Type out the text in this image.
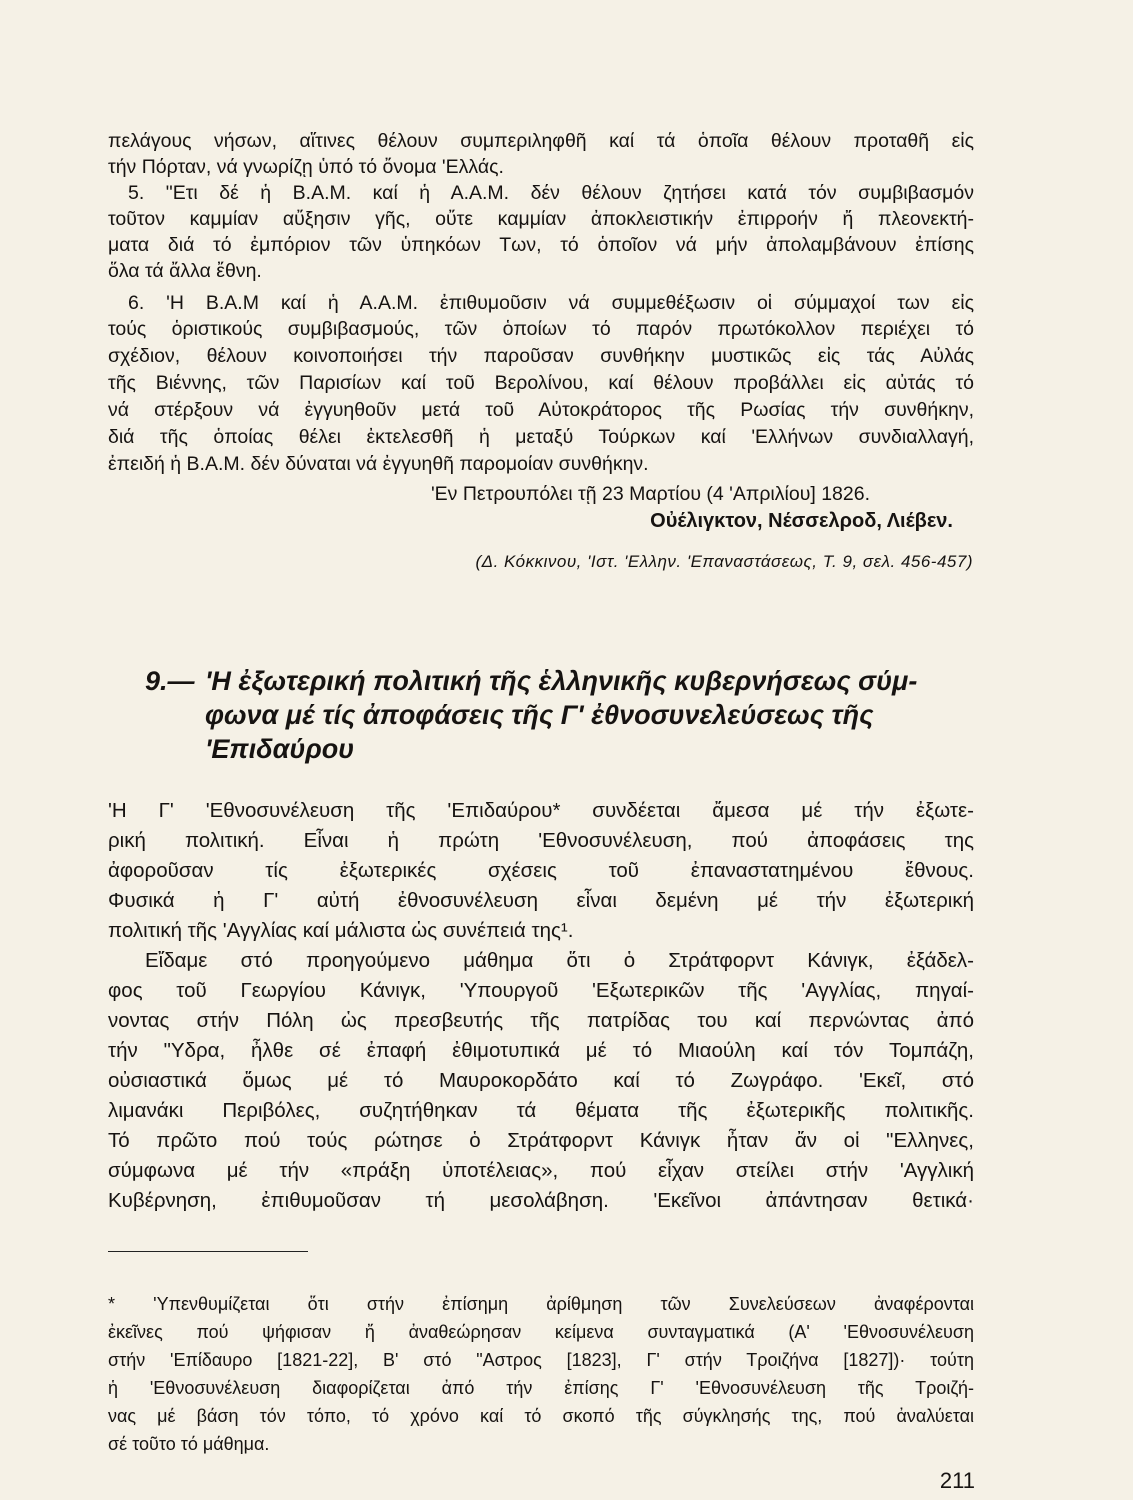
πελάγους νήσων, αἵτινες θέλουν συμπεριληφθῆ καί τά ὁποῖα θέλουν προταθῆ εἰς
τήν Πόρταν, νά γνωρίζῃ ὑπό τό ὄνομα 'Ελλάς.
5. "Ετι δέ ἡ Β.Α.Μ. καί ἡ Α.Α.Μ. δέν θέλουν ζητήσει κατά τόν συμβιβασμόν
τοῦτον καμμίαν αὔξησιν γῆς, οὔτε καμμίαν ἀποκλειστικήν ἐπιρροήν ἤ πλεονεκτή-
ματα διά τό ἐμπόριον τῶν ὑπηκόων Των, τό ὁποῖον νά μήν ἀπολαμβάνουν ἐπίσης
ὅλα τά ἄλλα ἔθνη.
6. 'Η Β.Α.Μ καί ἡ Α.Α.Μ. ἐπιθυμοῦσιν νά συμμεθέξωσιν οἱ σύμμαχοί των εἰς
τούς ὁριστικούς συμβιβασμούς, τῶν ὁποίων τό παρόν πρωτόκολλον περιέχει τό
σχέδιον, θέλουν κοινοποιήσει τήν παροῦσαν συνθήκην μυστικῶς εἰς τάς Αὐλάς
τῆς Βιέννης, τῶν Παρισίων καί τοῦ Βερολίνου, καί θέλουν προβάλλει εἰς αὐτάς τό
νά στέρξουν νά ἐγγυηθοῦν μετά τοῦ Αὐτοκράτορος τῆς Ρωσίας τήν συνθήκην,
διά τῆς ὁποίας θέλει ἐκτελεσθῆ ἡ μεταξύ Τούρκων καί 'Ελλήνων συνδιαλλαγή,
ἐπειδή ἡ Β.Α.Μ. δέν δύναται νά ἐγγυηθῆ παρομοίαν συνθήκην.
'Εν Πετρουπόλει τῇ 23 Μαρτίου (4 'Απριλίου] 1826.
Οὐέλιγκτον, Νέσσελροδ, Λιέβεν.
(Δ. Κόκκινου, 'Ιστ. 'Ελλην. 'Επαναστάσεως, Τ. 9, σελ. 456-457)
9.— 'Η ἐξωτερική πολιτική τῆς ἑλληνικῆς κυβερνήσεως σύμ-
φωνα μέ τίς ἀποφάσεις τῆς Γ' ἐθνοσυνελεύσεως τῆς
'Επιδαύρου
'Η Γ' 'Εθνοσυνέλευση τῆς 'Επιδαύρου* συνδέεται ἄμεσα μέ τήν ἐξωτε-
ρική πολιτική. Εἶναι ἡ πρώτη 'Εθνοσυνέλευση, πού ἀποφάσεις της
ἀφοροῦσαν τίς ἐξωτερικές σχέσεις τοῦ ἐπαναστατημένου ἔθνους.
Φυσικά ἡ Γ' αὐτή ἐθνοσυνέλευση εἶναι δεμένη μέ τήν ἐξωτερική
πολιτική τῆς 'Αγγλίας καί μάλιστα ὡς συνέπειά της¹.
Εἴδαμε στό προηγούμενο μάθημα ὅτι ὁ Στράτφορντ Κάνιγκ, ἐξάδελ-
φος τοῦ Γεωργίου Κάνιγκ, 'Υπουργοῦ 'Εξωτερικῶν τῆς 'Αγγλίας, πηγαί-
νοντας στήν Πόλη ὡς πρεσβευτής τῆς πατρίδας του καί περνώντας ἀπό
τήν "Υδρα, ἦλθε σέ ἐπαφή ἐθιμοτυπικά μέ τό Μιαούλη καί τόν Τομπάζη,
οὐσιαστικά ὅμως μέ τό Μαυροκορδάτο καί τό Ζωγράφο. 'Εκεῖ, στό
λιμανάκι Περιβόλες, συζητήθηκαν τά θέματα τῆς ἐξωτερικῆς πολιτικῆς.
Τό πρῶτο πού τούς ρώτησε ὁ Στράτφορντ Κάνιγκ ἦταν ἄν οἱ "Ελληνες,
σύμφωνα μέ τήν «πράξη ὑποτέλειας», πού εἶχαν στείλει στήν 'Αγγλική
Κυβέρνηση, ἐπιθυμοῦσαν τή μεσολάβηση. 'Εκεῖνοι ἀπάντησαν θετικά·
* 'Υπενθυμίζεται ὅτι στήν ἐπίσημη ἀρίθμηση τῶν Συνελεύσεων ἀναφέρονται
ἐκεῖνες πού ψήφισαν ἤ ἀναθεώρησαν κείμενα συνταγματικά (Α' 'Εθνοσυνέλευση
στήν 'Επίδαυρο [1821-22], Β' στό "Αστρος [1823], Γ' στήν Τροιζήνα [1827])· τούτη
ἡ 'Εθνοσυνέλευση διαφορίζεται ἀπό τήν ἐπίσης Γ' 'Εθνοσυνέλευση τῆς Τροιζή-
νας μέ βάση τόν τόπο, τό χρόνο καί τό σκοπό τῆς σύγκλησής της, πού ἀναλύεται
σέ τοῦτο τό μάθημα.
211
